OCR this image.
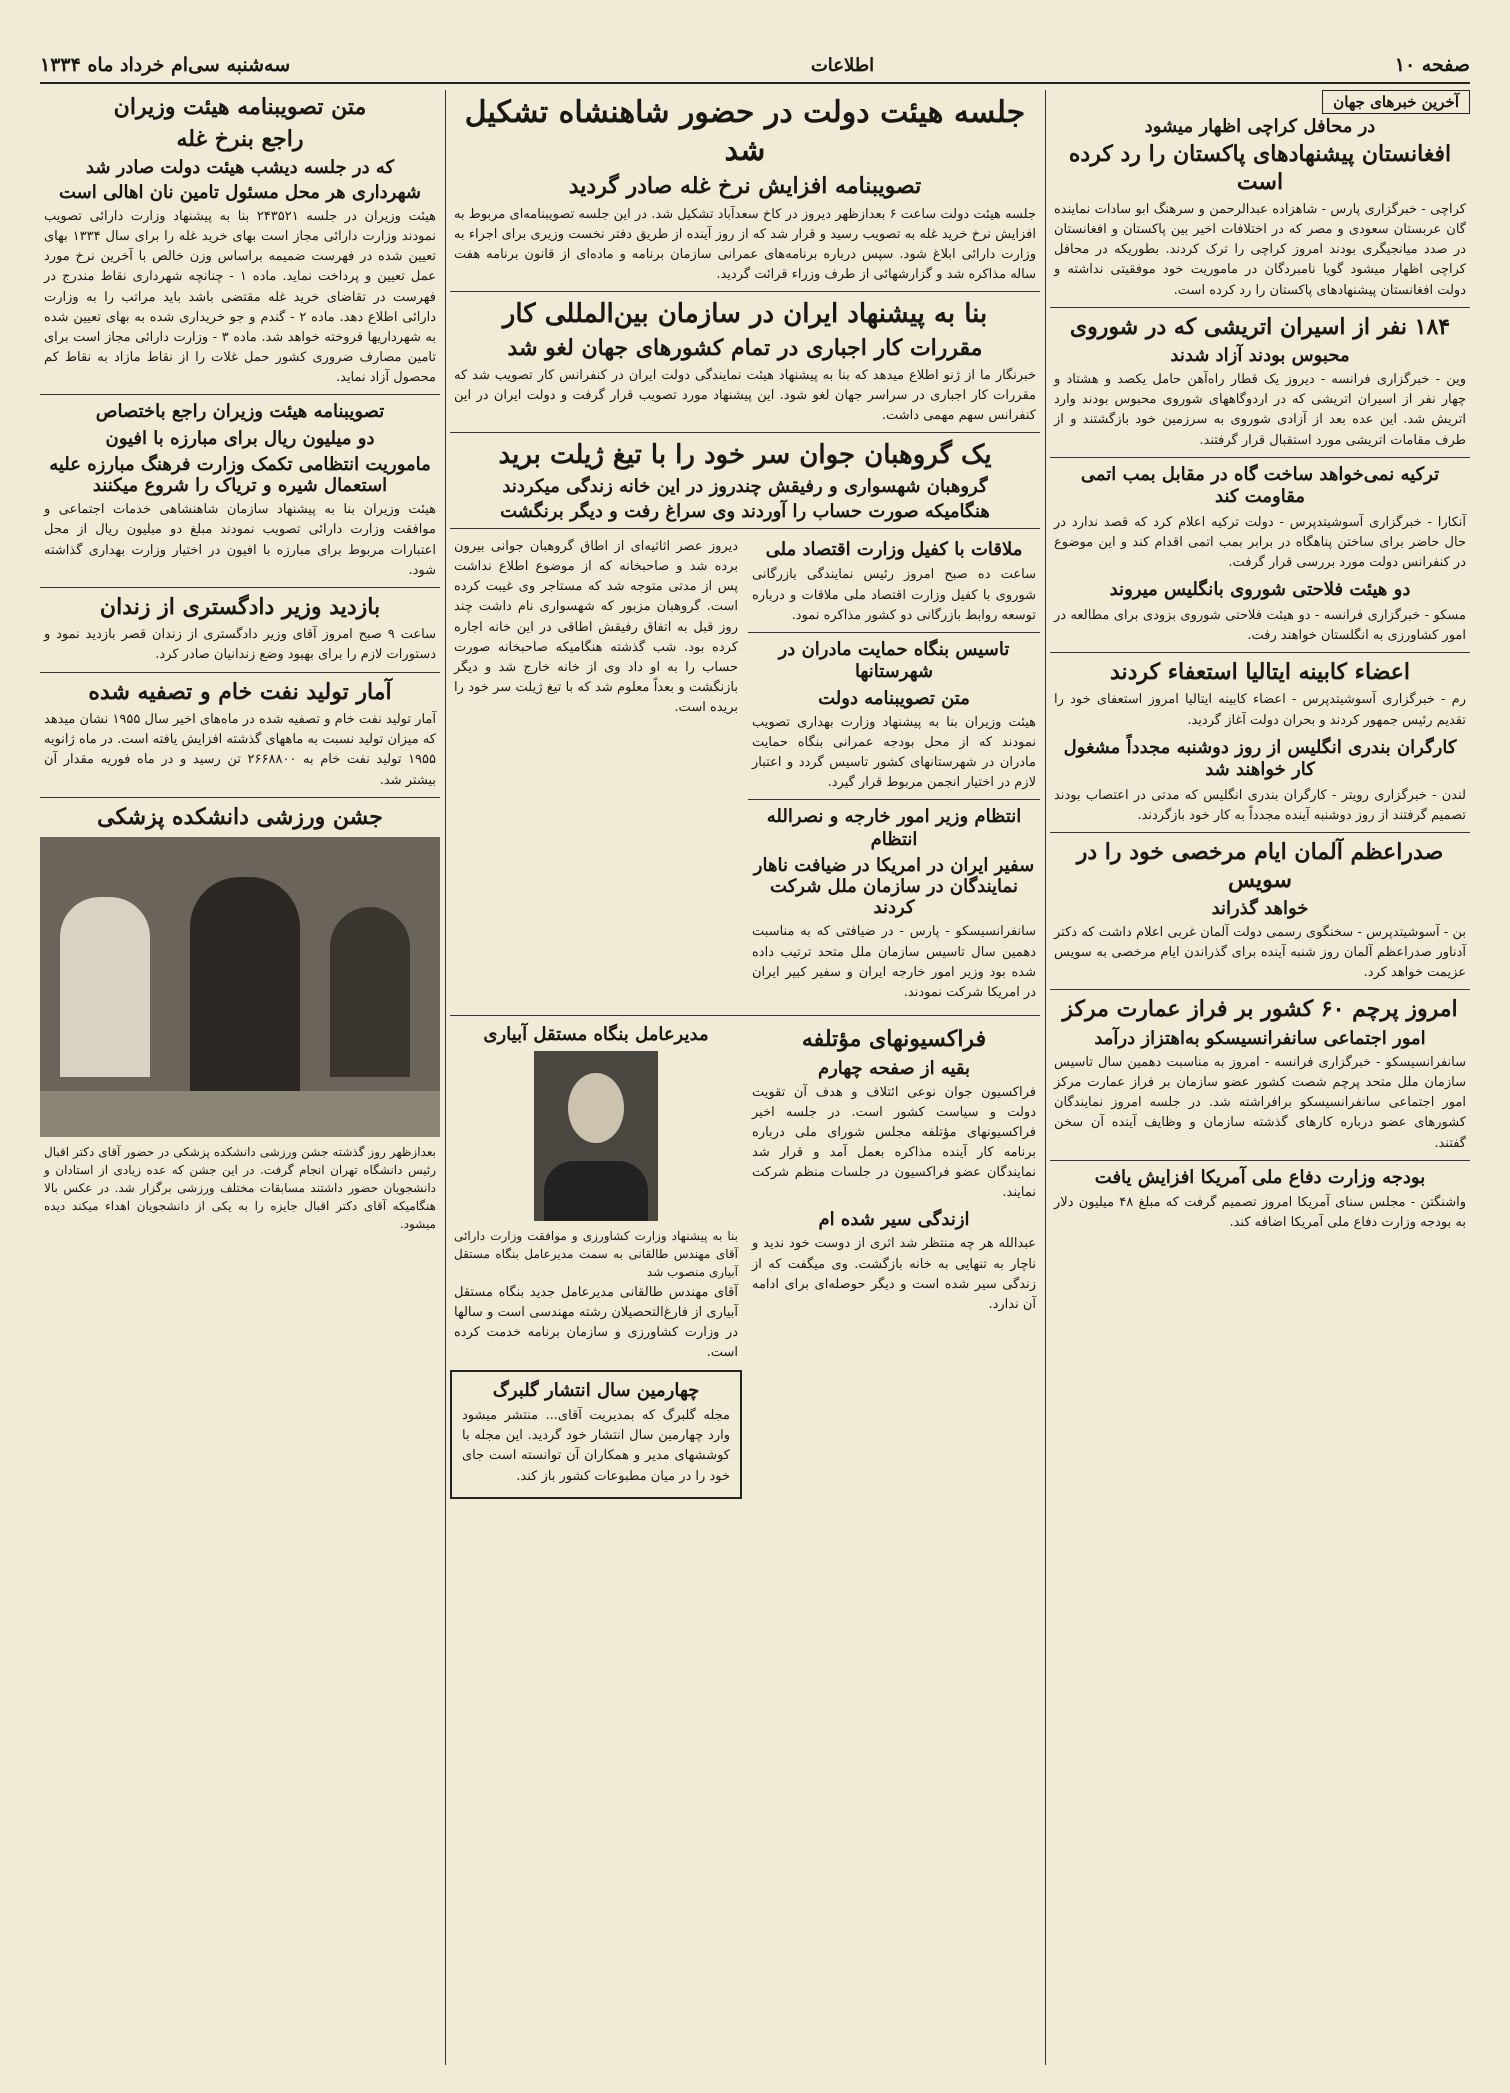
صفحه ۱۰
اطلاعات
سه‌شنبه سی‌ام خرداد ماه ۱۳۳۴
آخرین خبرهای جهان
در محافل کراچی اظهار میشود
افغانستان پیشنهادهای پاکستان را رد کرده است
کراچی - خبرگزاری پارس - شاهزاده عبدالرحمن و سرهنگ ابو سادات نماینده گان عربستان سعودی و مصر که در اختلافات اخیر بین پاکستان و افغانستان در صدد میانجیگری بودند امروز کراچی را ترک کردند. بطوریکه در محافل کراچی اظهار میشود گویا نامبردگان در ماموریت خود موفقیتی نداشته و دولت افغانستان پیشنهادهای پاکستان را رد کرده است.
۱۸۴ نفر از اسیران اتریشی که در شوروی
محبوس بودند آزاد شدند
وین - خبرگزاری فرانسه - دیروز یک قطار راه‌آهن حامل یکصد و هشتاد و چهار نفر از اسیران اتریشی که در اردوگاههای شوروی محبوس بودند وارد اتریش شد. این عده بعد از آزادی شوروی به سرزمین خود بازگشتند و از طرف مقامات اتریشی مورد استقبال قرار گرفتند.
ترکیه نمی‌خواهد ساخت گاه در مقابل بمب اتمی مقاومت کند
آنکارا - خبرگزاری آسوشیتدپرس - دولت ترکیه اعلام کرد که قصد ندارد در حال حاضر برای ساختن پناهگاه در برابر بمب اتمی اقدام کند و این موضوع در کنفرانس دولت مورد بررسی قرار گرفت.
دو هیئت فلاحتی شوروی بانگلیس میروند
مسکو - خبرگزاری فرانسه - دو هیئت فلاحتی شوروی بزودی برای مطالعه در امور کشاورزی به انگلستان خواهند رفت.
اعضاء کابینه ایتالیا استعفاء کردند
رم - خبرگزاری آسوشیتدپرس - اعضاء کابینه ایتالیا امروز استعفای خود را تقدیم رئیس جمهور کردند و بحران دولت آغاز گردید.
کارگران بندری انگلیس از روز دوشنبه مجدداً مشغول کار خواهند شد
لندن - خبرگزاری رویتر - کارگران بندری انگلیس که مدتی در اعتصاب بودند تصمیم گرفتند از روز دوشنبه آینده مجدداً به کار خود بازگردند.
صدراعظم آلمان ایام مرخصی خود را در سویس
خواهد گذراند
بن - آسوشیتدپرس - سخنگوی رسمی دولت آلمان غربی اعلام داشت که دکتر آدناور صدراعظم آلمان روز شنبه آینده برای گذراندن ایام مرخصی به سویس عزیمت خواهد کرد.
امروز پرچم ۶۰ کشور بر فراز عمارت مرکز
امور اجتماعی سانفرانسیسکو به‌اهتزاز درآمد
سانفرانسیسکو - خبرگزاری فرانسه - امروز به مناسبت دهمین سال تاسیس سازمان ملل متحد پرچم شصت کشور عضو سازمان بر فراز عمارت مرکز امور اجتماعی سانفرانسیسکو برافراشته شد. در جلسه امروز نمایندگان کشورهای عضو درباره کارهای گذشته سازمان و وظایف آینده آن سخن گفتند.
بودجه وزارت دفاع ملی آمریکا افزایش یافت
واشنگتن - مجلس سنای آمریکا امروز تصمیم گرفت که مبلغ ۴۸ میلیون دلار به بودجه وزارت دفاع ملی آمریکا اضافه کند.
جلسه هیئت دولت در حضور شاهنشاه تشکیل شد
تصویبنامه افزایش نرخ غله صادر گردید
جلسه هیئت دولت ساعت ۶ بعدازظهر دیروز در کاخ سعدآباد تشکیل شد. در این جلسه تصویبنامه‌ای مربوط به افزایش نرخ خرید غله به تصویب رسید و قرار شد که از روز آینده از طریق دفتر نخست وزیری برای اجراء به وزارت دارائی ابلاغ شود. سپس درباره برنامه‌های عمرانی سازمان برنامه و ماده‌ای از قانون برنامه هفت ساله مذاکره شد و گزارشهائی از طرف وزراء قرائت گردید.
بنا به پیشنهاد ایران در سازمان بین‌المللی کار
مقررات کار اجباری در تمام کشورهای جهان لغو شد
خبرنگار ما از ژنو اطلاع میدهد که بنا به پیشنهاد هیئت نمایندگی دولت ایران در کنفرانس کار تصویب شد که مقررات کار اجباری در سراسر جهان لغو شود. این پیشنهاد مورد تصویب قرار گرفت و دولت ایران در این کنفرانس سهم مهمی داشت.
یک گروهبان جوان سر خود را با تیغ ژیلت برید
گروهبان شهسواری و رفیقش چندروز در این خانه زندگی میکردند
هنگامیکه صورت حساب را آوردند وی سراغ رفت و دیگر برنگشت
ملاقات با کفیل وزارت اقتصاد ملی
ساعت ده صبح امروز رئیس نمایندگی بازرگانی شوروی با کفیل وزارت اقتصاد ملی ملاقات و درباره توسعه روابط بازرگانی دو کشور مذاکره نمود.
تاسیس بنگاه حمایت مادران در شهرستانها
متن تصویبنامه دولت
هیئت وزیران بنا به پیشنهاد وزارت بهداری تصویب نمودند که از محل بودجه عمرانی بنگاه حمایت مادران در شهرستانهای کشور تاسیس گردد و اعتبار لازم در اختیار انجمن مربوط قرار گیرد.
انتظام وزیر امور خارجه و نصرالله انتظام
سفیر ایران در امریکا در ضیافت ناهار نمایندگان در سازمان ملل شرکت کردند
سانفرانسیسکو - پارس - در ضیافتی که به مناسبت دهمین سال تاسیس سازمان ملل متحد ترتیب داده شده بود وزیر امور خارجه ایران و سفیر کبیر ایران در امریکا شرکت نمودند.
دیروز عصر اثاثیه‌ای از اطاق گروهبان جوانی بیرون برده شد و صاحبخانه که از موضوع اطلاع نداشت پس از مدتی متوجه شد که مستاجر وی غیبت کرده است. گروهبان مزبور که شهسواری نام داشت چند روز قبل به اتفاق رفیقش اطاقی در این خانه اجاره کرده بود. شب گذشته هنگامیکه صاحبخانه صورت حساب را به او داد وی از خانه خارج شد و دیگر بازنگشت و بعداً معلوم شد که با تیغ ژیلت سر خود را بریده است.
فراکسیونهای مؤتلفه
بقیه از صفحه چهارم
فراکسیون جوان نوعی ائتلاف و هدف آن تقویت دولت و سیاست کشور است. در جلسه اخیر فراکسیونهای مؤتلفه مجلس شورای ملی درباره برنامه کار آینده مذاکره بعمل آمد و قرار شد نمایندگان عضو فراکسیون در جلسات منظم شرکت نمایند.
ازندگی سیر شده ام
عبدالله هر چه منتظر شد اثری از دوست خود ندید و ناچار به تنهایی به خانه بازگشت. وی میگفت که از زندگی سیر شده است و دیگر حوصله‌ای برای ادامه آن ندارد.
مدیرعامل بنگاه مستقل آبیاری
بنا به پیشنهاد وزارت کشاورزی و موافقت وزارت دارائی آقای مهندس طالقانی به سمت مدیرعامل بنگاه مستقل آبیاری منصوب شد
آقای مهندس طالقانی مدیرعامل جدید بنگاه مستقل آبیاری از فارغ‌التحصیلان رشته مهندسی است و سالها در وزارت کشاورزی و سازمان برنامه خدمت کرده است.
چهارمین سال انتشار گلبرگ
مجله گلبرگ که بمدیریت آقای... منتشر میشود وارد چهارمین سال انتشار خود گردید. این مجله با کوششهای مدیر و همکاران آن توانسته است جای خود را در میان مطبوعات کشور باز کند.
متن تصویبنامه هیئت وزیران
راجع بنرخ غله
که در جلسه دیشب هیئت دولت صادر شد
شهرداری هر محل مسئول تامین نان اهالی است
هیئت وزیران در جلسه ۲۴۳۵۲۱ بنا به پیشنهاد وزارت دارائی تصویب نمودند وزارت دارائی مجاز است بهای خرید غله را برای سال ۱۳۳۴ بهای تعیین شده در فهرست ضمیمه براساس وزن خالص با آخرین نرخ مورد عمل تعیین و پرداخت نماید. ماده ۱ - چنانچه شهرداری نقاط مندرج در فهرست در تقاضای خرید غله مقتضی باشد باید مراتب را به وزارت دارائی اطلاع دهد. ماده ۲ - گندم و جو خریداری شده به بهای تعیین شده به شهرداریها فروخته خواهد شد. ماده ۳ - وزارت دارائی مجاز است برای تامین مصارف ضروری کشور حمل غلات را از نقاط مازاد به نقاط کم محصول آزاد نماید.
تصویبنامه هیئت وزیران راجع باختصاص
دو میلیون ریال برای مبارزه با افیون
ماموریت انتظامی تکمک وزارت فرهنگ مبارزه علیه استعمال شیره و تریاک را شروع میکنند
هیئت وزیران بنا به پیشنهاد سازمان شاهنشاهی خدمات اجتماعی و موافقت وزارت دارائی تصویب نمودند مبلغ دو میلیون ریال از محل اعتبارات مربوط برای مبارزه با افیون در اختیار وزارت بهداری گذاشته شود.
بازدید وزیر دادگستری از زندان
ساعت ۹ صبح امروز آقای وزیر دادگستری از زندان قصر بازدید نمود و دستورات لازم را برای بهبود وضع زندانیان صادر کرد.
آمار تولید نفت خام و تصفیه شده
آمار تولید نفت خام و تصفیه شده در ماه‌های اخیر سال ۱۹۵۵ نشان میدهد که میزان تولید نسبت به ماههای گذشته افزایش یافته است. در ماه ژانویه ۱۹۵۵ تولید نفت خام به ۲۶۶۸۸۰۰ تن رسید و در ماه فوریه مقدار آن بیشتر شد.
جشن ورزشی دانشکده پزشکی
بعدازظهر روز گذشته جشن ورزشی دانشکده پزشکی در حضور آقای دکتر اقبال رئیس دانشگاه تهران انجام گرفت. در این جشن که عده زیادی از استادان و دانشجویان حضور داشتند مسابقات مختلف ورزشی برگزار شد. در عکس بالا هنگامیکه آقای دکتر اقبال جایزه را به یکی از دانشجویان اهداء میکند دیده میشود.
